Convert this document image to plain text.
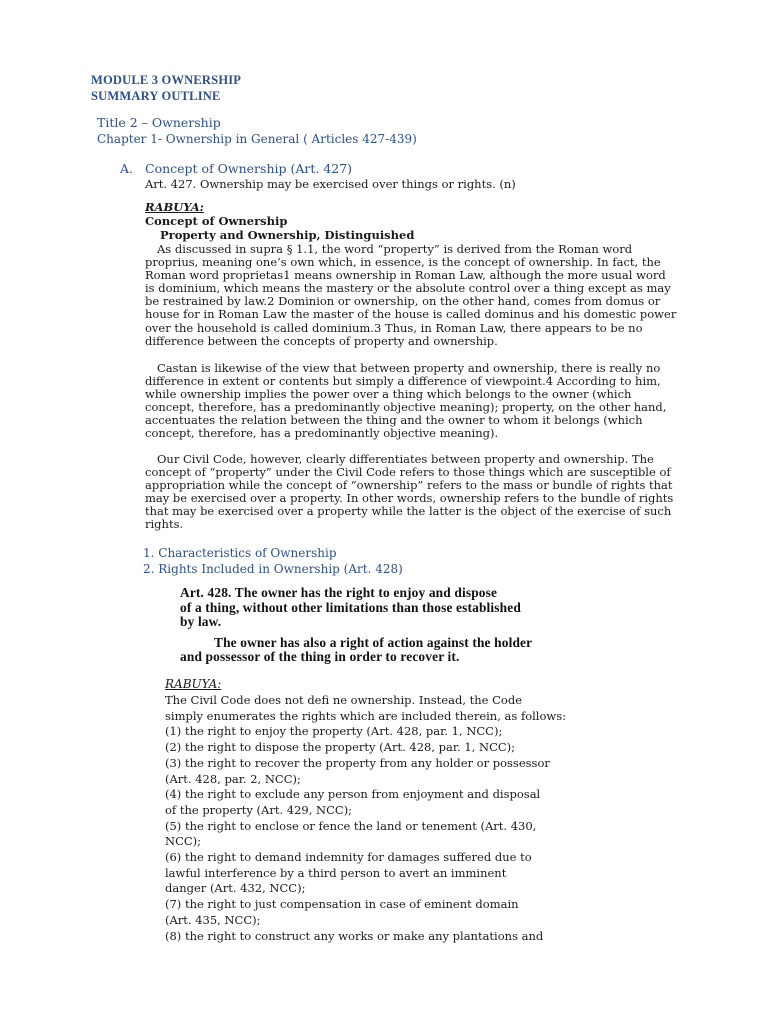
MODULE 3 OWNERSHIP
SUMMARY OUTLINE

Title 2 – Ownership

Chapter 1- Ownership in General ( Articles 427-439)

A. Concept of Ownership (Art. 427)

Art. 427. Ownership may be exercised over things or rights. (n)

RABUYA:

Concept of Ownership

Property and Ownership, Distinguished

As discussed in supra § 1.1, the word “property” is derived from the Roman word

proprius, meaning one’s own which, in essence, is the concept of ownership. In fact, the

Roman word proprietas1 means ownership in Roman Law, although the more usual word

is dominium, which means the mastery or the absolute control over a thing except as may

be restrained by law.2 Dominion or ownership, on the other hand, comes from domus or

house for in Roman Law the master of the house is called dominus and his domestic power

over the household is called dominium.3 Thus, in Roman Law, there appears to be no

difference between the concepts of property and ownership.

Castan is likewise of the view that between property and ownership, there is really no

difference in extent or contents but simply a difference of viewpoint.4 According to him,

while ownership implies the power over a thing which belongs to the owner (which

concept, therefore, has a predominantly objective meaning); property, on the other hand,

accentuates the relation between the thing and the owner to whom it belongs (which

concept, therefore, has a predominantly objective meaning).

Our Civil Code, however, clearly differentiates between property and ownership. The

concept of “property” under the Civil Code refers to those things which are susceptible of

appropriation while the concept of “ownership” refers to the mass or bundle of rights that

may be exercised over a property. In other words, ownership refers to the bundle of rights

that may be exercised over a property while the latter is the object of the exercise of such

rights.

1. Characteristics of Ownership
2. Rights Included in Ownership (Art. 428)

Art. 428. The owner has the right to enjoy and dispose

of a thing, without other limitations than those established

by law.

The owner has also a right of action against the holder

and possessor of the thing in order to recover it.

RABUYA:

The Civil Code does not defi ne ownership. Instead, the Code

simply enumerates the rights which are included therein, as follows:

(1) the right to enjoy the property (Art. 428, par. 1, NCC);

(2) the right to dispose the property (Art. 428, par. 1, NCC);

(3) the right to recover the property from any holder or possessor

(Art. 428, par. 2, NCC);

(4) the right to exclude any person from enjoyment and disposal

of the property (Art. 429, NCC);

(5) the right to enclose or fence the land or tenement (Art. 430,

NCC);

(6) the right to demand indemnity for damages suffered due to

lawful interference by a third person to avert an imminent

danger (Art. 432, NCC);

(7) the right to just compensation in case of eminent domain

(Art. 435, NCC);

(8) the right to construct any works or make any plantations and
